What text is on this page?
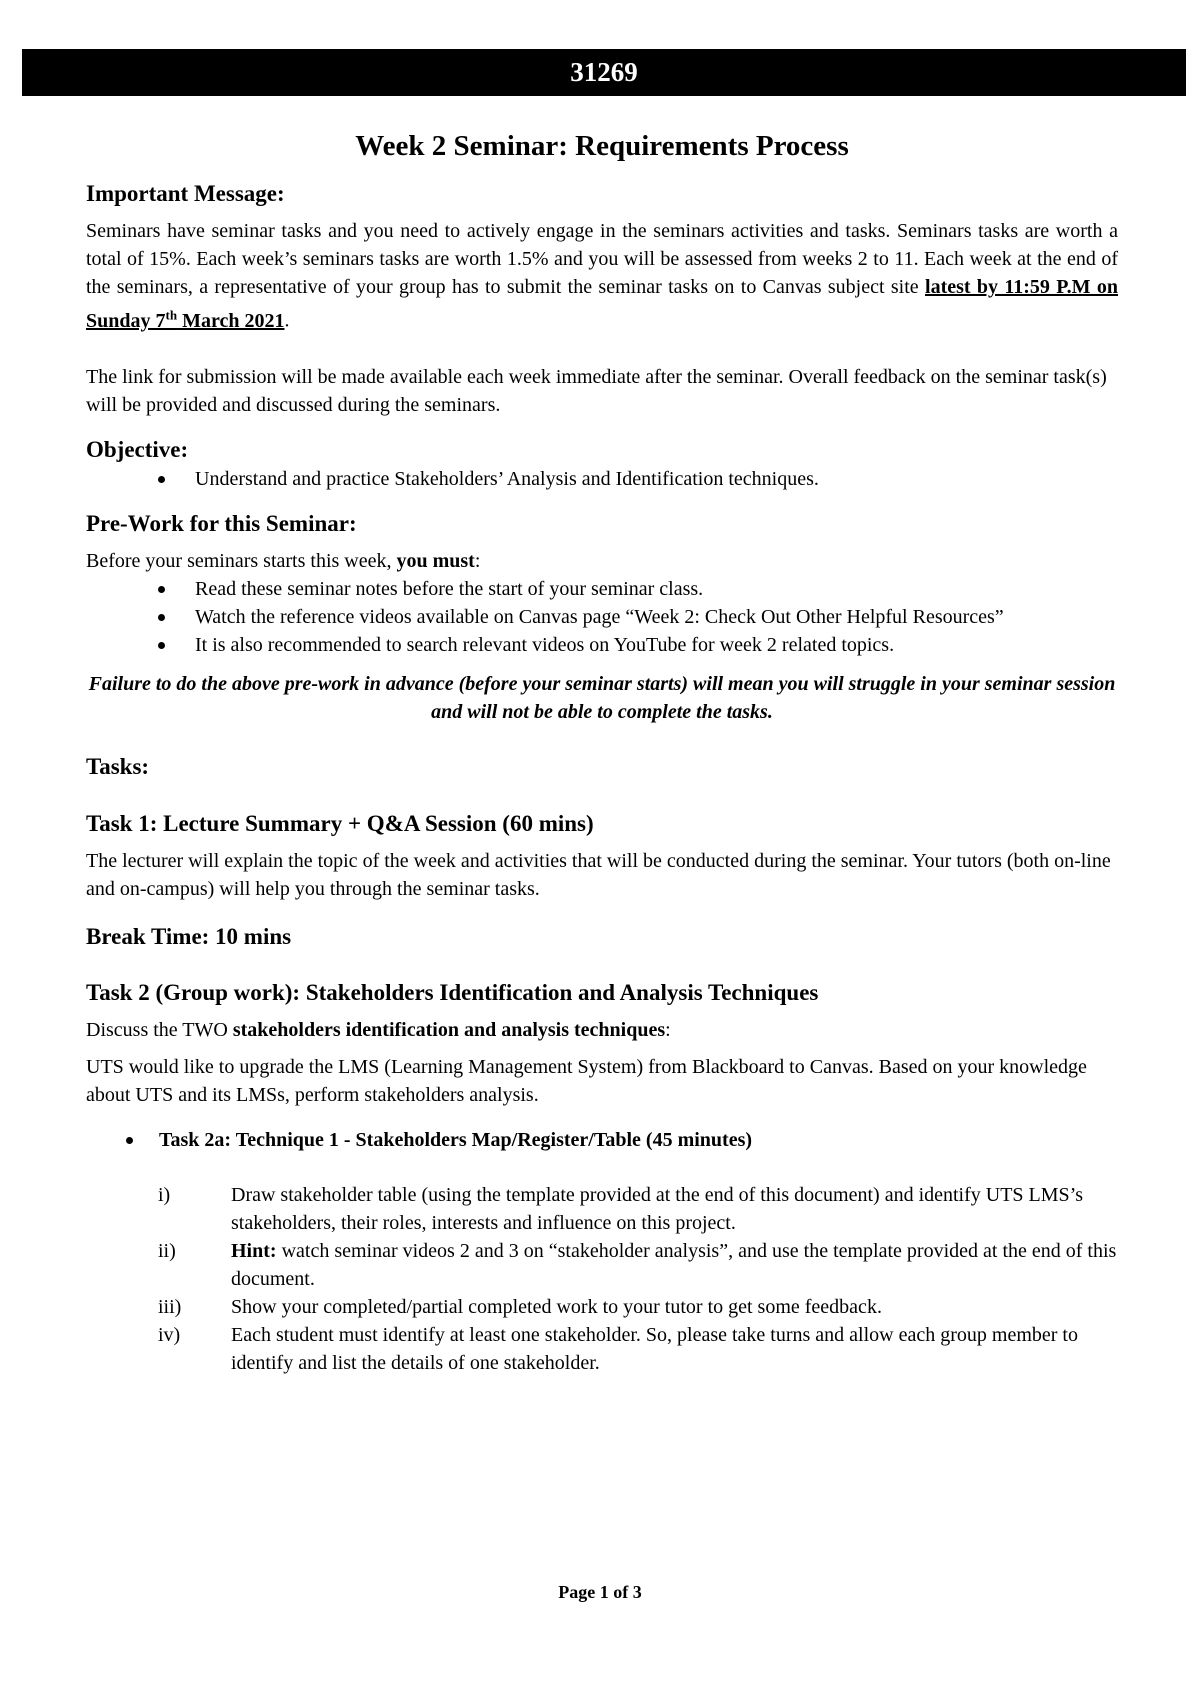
31269
Week 2 Seminar: Requirements Process
Important Message:

Seminars have seminar tasks and you need to actively engage in the seminars activities and tasks. Seminars tasks are worth a total of 15%. Each week’s seminars tasks are worth 1.5% and you will be assessed from weeks 2 to 11. Each week at the end of the seminars, a representative of your group has to submit the seminar tasks on to Canvas subject site latest by 11:59 P.M on Sunday 7th March 2021.

The link for submission will be made available each week immediate after the seminar. Overall feedback on the seminar task(s) will be provided and discussed during the seminars.

Objective:
Understand and practice Stakeholders’ Analysis and Identification techniques.
Pre-Work for this Seminar:

Before your seminars starts this week, you must:

Read these seminar notes before the start of your seminar class.
Watch the reference videos available on Canvas page “Week 2: Check Out Other Helpful Resources”
It is also recommended to search relevant videos on YouTube for week 2 related topics.

Failure to do the above pre-work in advance (before your seminar starts) will mean you will struggle in your seminar session and will not be able to complete the tasks.

Tasks:
Task 1: Lecture Summary + Q&A Session (60 mins)

The lecturer will explain the topic of the week and activities that will be conducted during the seminar. Your tutors (both on-line and on-campus) will help you through the seminar tasks.

Break Time: 10 mins
Task 2 (Group work): Stakeholders Identification and Analysis Techniques

Discuss the TWO stakeholders identification and analysis techniques:

UTS would like to upgrade the LMS (Learning Management System) from Blackboard to Canvas. Based on your knowledge about UTS and its LMSs, perform stakeholders analysis.

Task 2a: Technique 1 - Stakeholders Map/Register/Table (45 minutes)
i)	Draw stakeholder table (using the template provided at the end of this document) and identify UTS LMS’s stakeholders, their roles, interests and influence on this project.
ii)	Hint: watch seminar videos 2 and 3 on “stakeholder analysis”, and use the template provided at the end of this document.
iii)	Show your completed/partial completed work to your tutor to get some feedback.
iv)	Each student must identify at least one stakeholder. So, please take turns and allow each group member to identify and list the details of one stakeholder.
Page 1 of 3
